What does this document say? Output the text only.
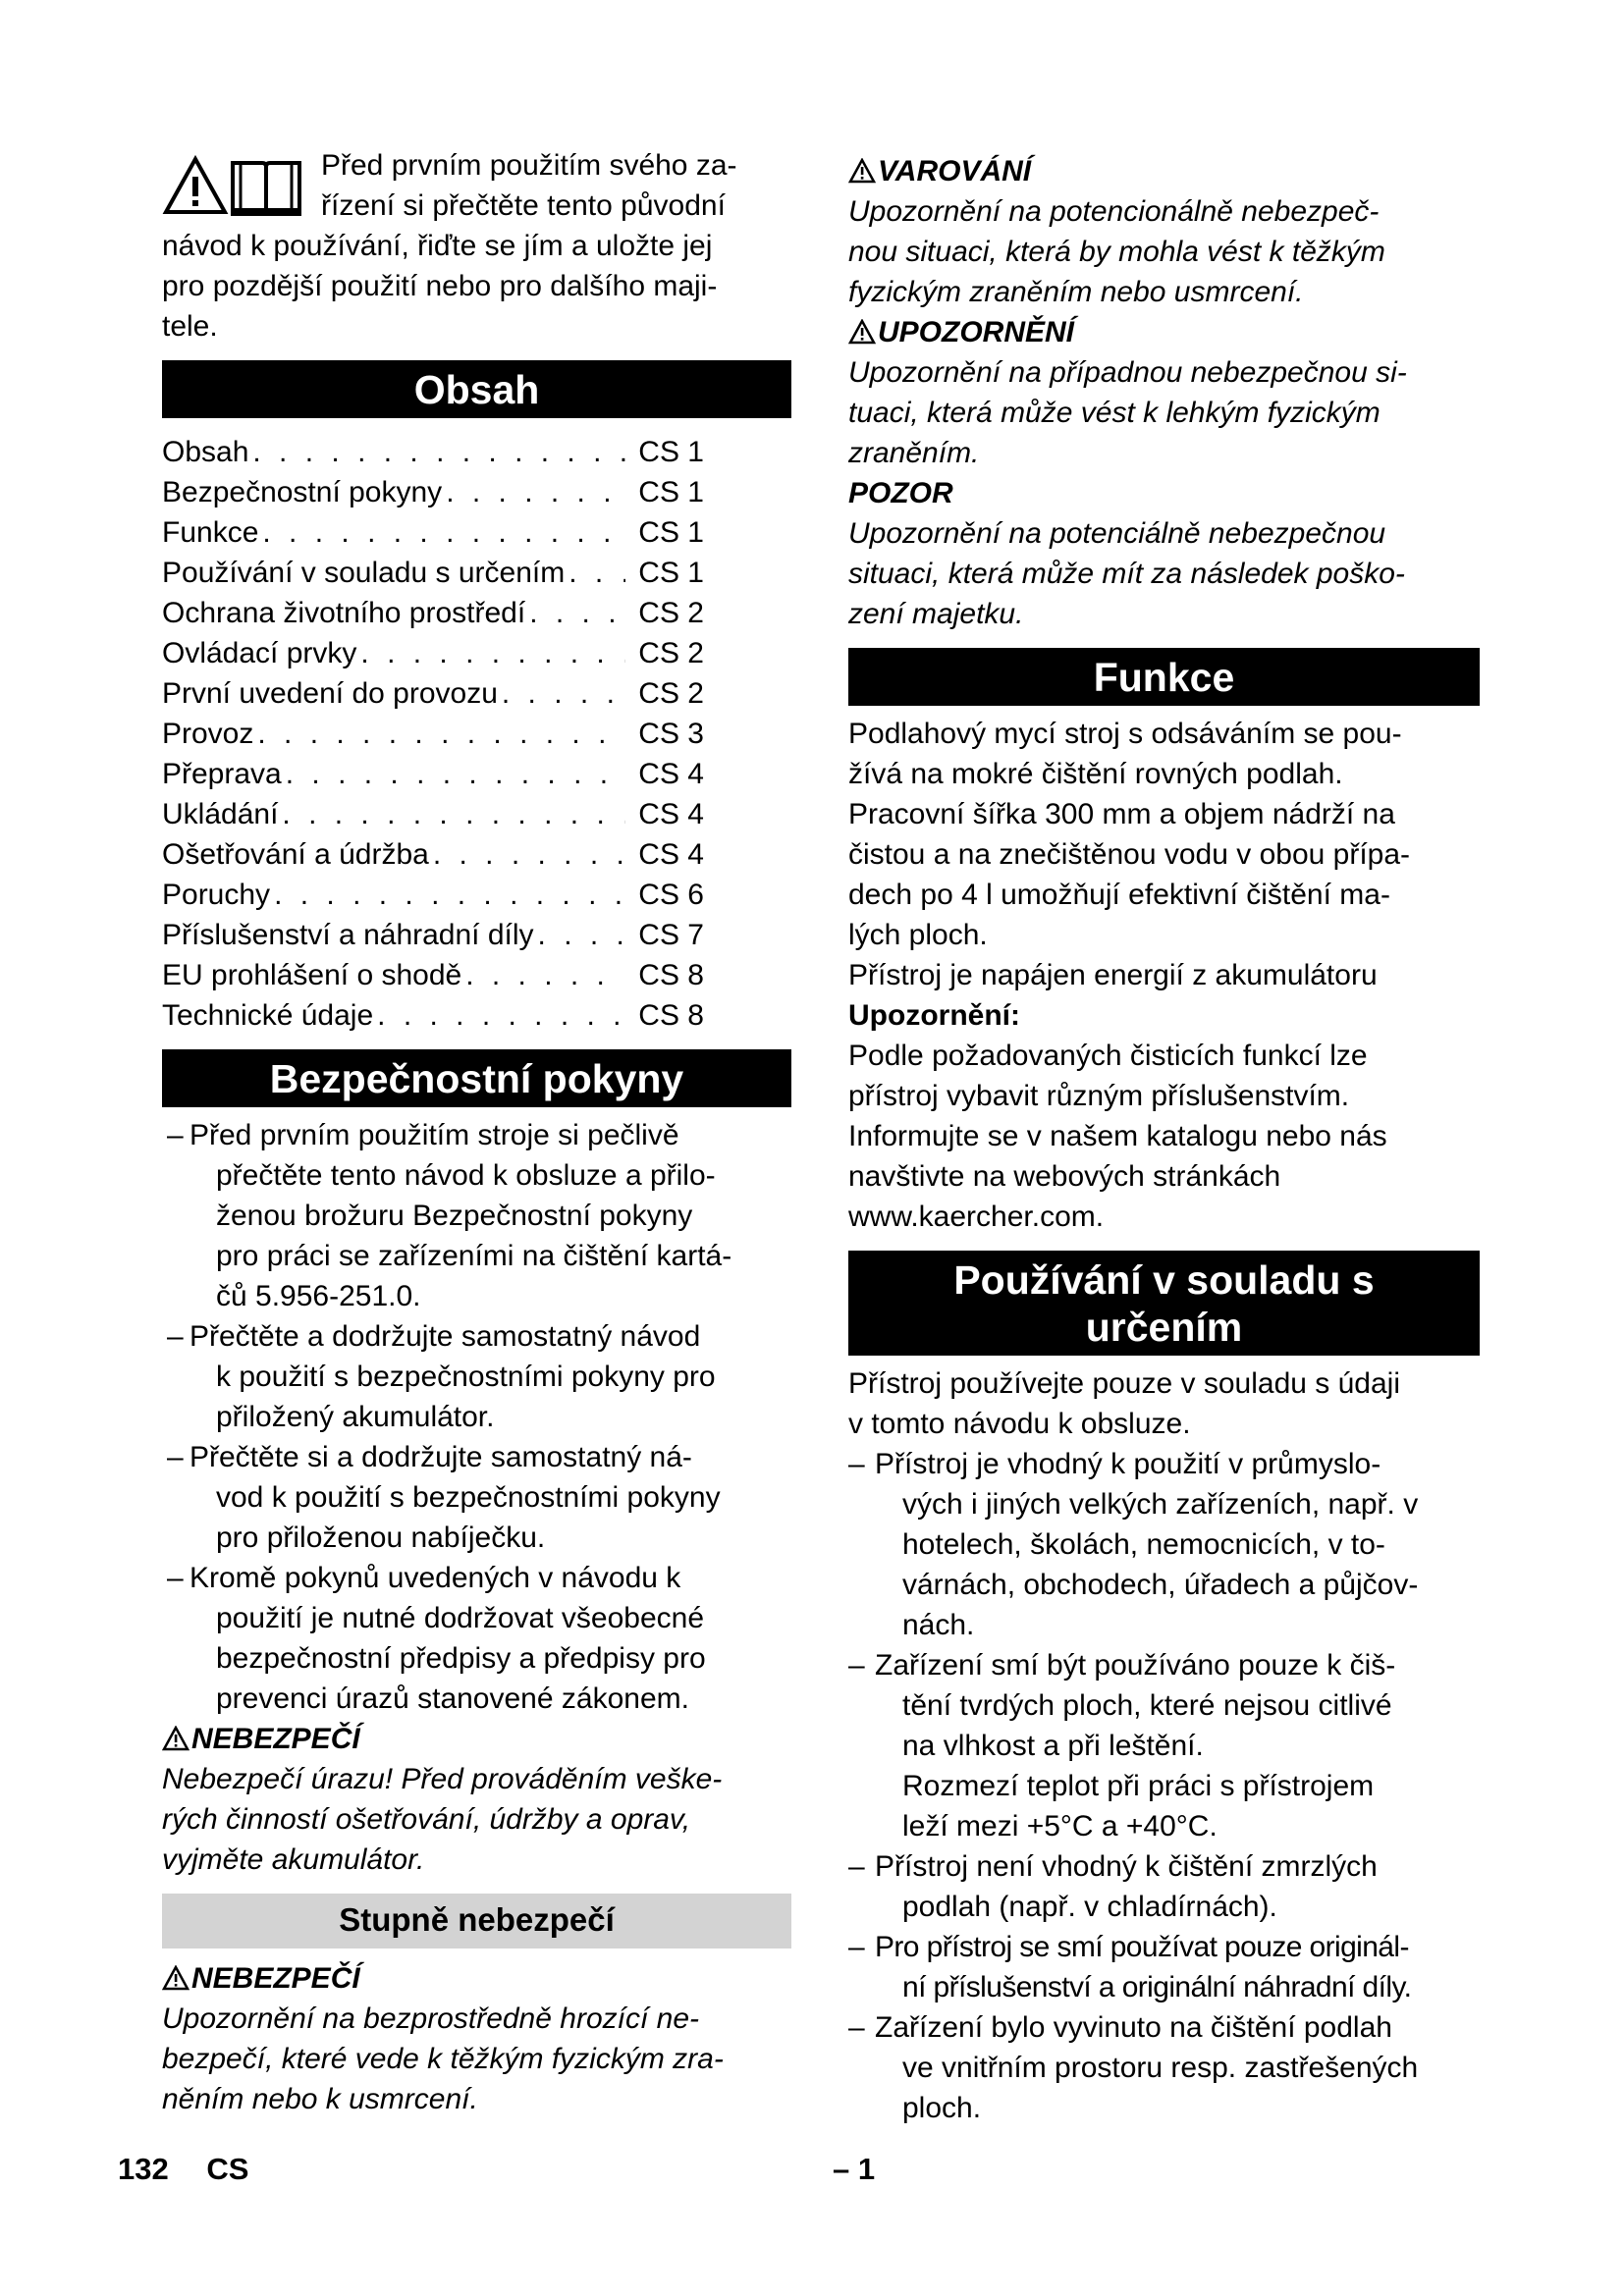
Před prvním použitím svého za-

řízení si přečtěte tento původní

návod k používání, řiďte se jím a uložte jej

pro pozdější použití nebo pro dalšího maji-

tele.

Obsah
Obsah . . .	CS 1
Bezpečnostní pokyny . . .	CS 1
Funkce . . .	CS 1
Používání v souladu s určením . . .	CS 1
Ochrana životního prostředí . . .	CS 2
Ovládací prvky . . .	CS 2
První uvedení do provozu . . .	CS 2
Provoz . . .	CS 3
Přeprava . . .	CS 4
Ukládání . . .	CS 4
Ošetřování a údržba . . .	CS 4
Poruchy . . .	CS 6
Příslušenství a náhradní díly . . .	CS 7
EU prohlášení o shodě . . .	CS 8
Technické údaje . . .	CS 8
Bezpečnostní pokyny
– Před prvním použitím stroje si pečlivě
přečtěte tento návod k obsluze a přilo-
ženou brožuru Bezpečnostní pokyny
pro práci se zařízeními na čištění kartá-
čů 5.956-251.0.
– Přečtěte a dodržujte samostatný návod
k použití s bezpečnostními pokyny pro
přiložený akumulátor.
– Přečtěte si a dodržujte samostatný ná-
vod k použití s bezpečnostními pokyny
pro přiloženou nabíječku.
– Kromě pokynů uvedených v návodu k
použití je nutné dodržovat všeobecné
bezpečnostní předpisy a předpisy pro
prevenci úrazů stanovené zákonem.

NEBEZPEČÍ

Nebezpečí úrazu! Před prováděním veške-

rých činností ošetřování, údržby a oprav,

vyjměte akumulátor.

Stupně nebezpečí

NEBEZPEČÍ

Upozornění na bezprostředně hrozící ne-

bezpečí, které vede k těžkým fyzickým zra-

něním nebo k usmrcení.

VAROVÁNÍ

Upozornění na potencionálně nebezpeč-

nou situaci, která by mohla vést k těžkým

fyzickým zraněním nebo usmrcení.

UPOZORNĚNÍ

Upozornění na případnou nebezpečnou si-

tuaci, která může vést k lehkým fyzickým

zraněním.

POZOR

Upozornění na potenciálně nebezpečnou

situaci, která může mít za následek poško-

zení majetku.

Funkce

Podlahový mycí stroj s odsáváním se pou-

žívá na mokré čištění rovných podlah.

Pracovní šířka 300 mm a objem nádrží na

čistou a na znečištěnou vodu v obou přípa-

dech po 4 l umožňují efektivní čištění ma-

lých ploch.

Přístroj je napájen energií z akumulátoru

Upozornění:

Podle požadovaných čisticích funkcí lze

přístroj vybavit různým příslušenstvím.

Informujte se v našem katalogu nebo nás

navštivte na webových stránkách

www.kaercher.com.

Používání v souladu s
určením

Přístroj používejte pouze v souladu s údaji

v tomto návodu k obsluze.

– Přístroj je vhodný k použití v průmyslo-
vých i jiných velkých zařízeních, např. v
hotelech, školách, nemocnicích, v to-
várnách, obchodech, úřadech a půjčov-
nách.
– Zařízení smí být používáno pouze k čiš-
tění tvrdých ploch, které nejsou citlivé
na vlhkost a při leštění.
Rozmezí teplot při práci s přístrojem
leží mezi +5°C a +40°C.
– Přístroj není vhodný k čištění zmrzlých
podlah (např. v chladírnách).
– Pro přístroj se smí používat pouze originál-
ní příslušenství a originální náhradní díly.
– Zařízení bylo vyvinuto na čištění podlah
ve vnitřním prostoru resp. zastřešených
ploch.
132 CS	– 1
